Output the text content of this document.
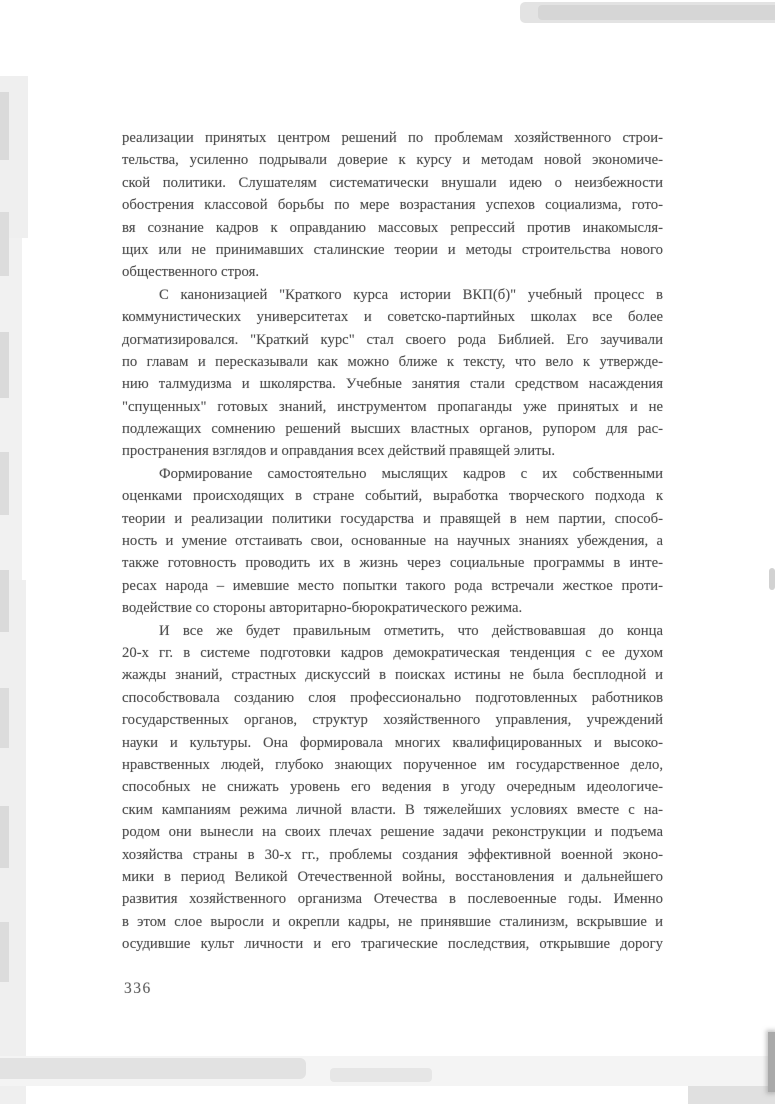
реализации принятых центром решений по проблемам хозяйственного строи-
тельства, усиленно подрывали доверие к курсу и методам новой экономиче-
ской политики. Слушателям систематически внушали идею о неизбежности
обострения классовой борьбы по мере возрастания успехов социализма, гото-
вя сознание кадров к оправданию массовых репрессий против инакомысля-
щих или не принимавших сталинские теории и методы строительства нового
общественного строя.
С канонизацией "Краткого курса истории ВКП(б)" учебный процесс в
коммунистических университетах и советско-партийных школах все более
догматизировался. "Краткий курс" стал своего рода Библией. Его заучивали
по главам и пересказывали как можно ближе к тексту, что вело к утвержде-
нию талмудизма и школярства. Учебные занятия стали средством насаждения
"спущенных" готовых знаний, инструментом пропаганды уже принятых и не
подлежащих сомнению решений высших властных органов, рупором для рас-
пространения взглядов и оправдания всех действий правящей элиты.
Формирование самостоятельно мыслящих кадров с их собственными
оценками происходящих в стране событий, выработка творческого подхода к
теории и реализации политики государства и правящей в нем партии, способ-
ность и умение отстаивать свои, основанные на научных знаниях убеждения, а
также готовность проводить их в жизнь через социальные программы в инте-
ресах народа – имевшие место попытки такого рода встречали жесткое проти-
водействие со стороны авторитарно-бюрократического режима.
И все же будет правильным отметить, что действовавшая до конца
20-х гг. в системе подготовки кадров демократическая тенденция с ее духом
жажды знаний, страстных дискуссий в поисках истины не была бесплодной и
способствовала созданию слоя профессионально подготовленных работников
государственных органов, структур хозяйственного управления, учреждений
науки и культуры. Она формировала многих квалифицированных и высоко-
нравственных людей, глубоко знающих порученное им государственное дело,
способных не снижать уровень его ведения в угоду очередным идеологиче-
ским кампаниям режима личной власти. В тяжелейших условиях вместе с на-
родом они вынесли на своих плечах решение задачи реконструкции и подъема
хозяйства страны в 30-х гг., проблемы создания эффективной военной эконо-
мики в период Великой Отечественной войны, восстановления и дальнейшего
развития хозяйственного организма Отечества в послевоенные годы. Именно
в этом слое выросли и окрепли кадры, не принявшие сталинизм, вскрывшие и
осудившие культ личности и его трагические последствия, открывшие дорогу
336
